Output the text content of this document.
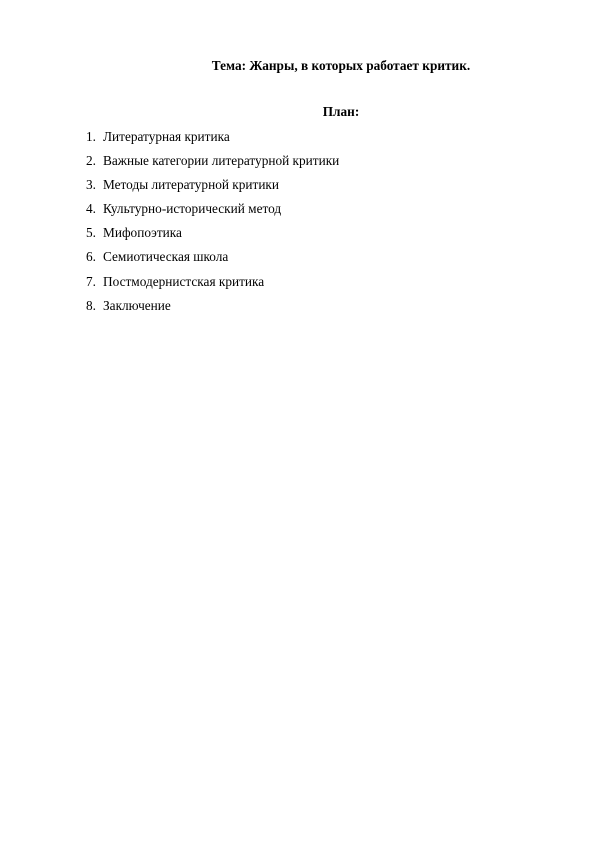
Тема: Жанры, в которых работает критик.
План:
1. Литературная критика
2. Важные категории литературной критики
3. Методы литературной критики
4. Культурно-исторический метод
5. Мифопоэтика
6. Семиотическая школа
7. Постмодернистская критика
8. Заключение
